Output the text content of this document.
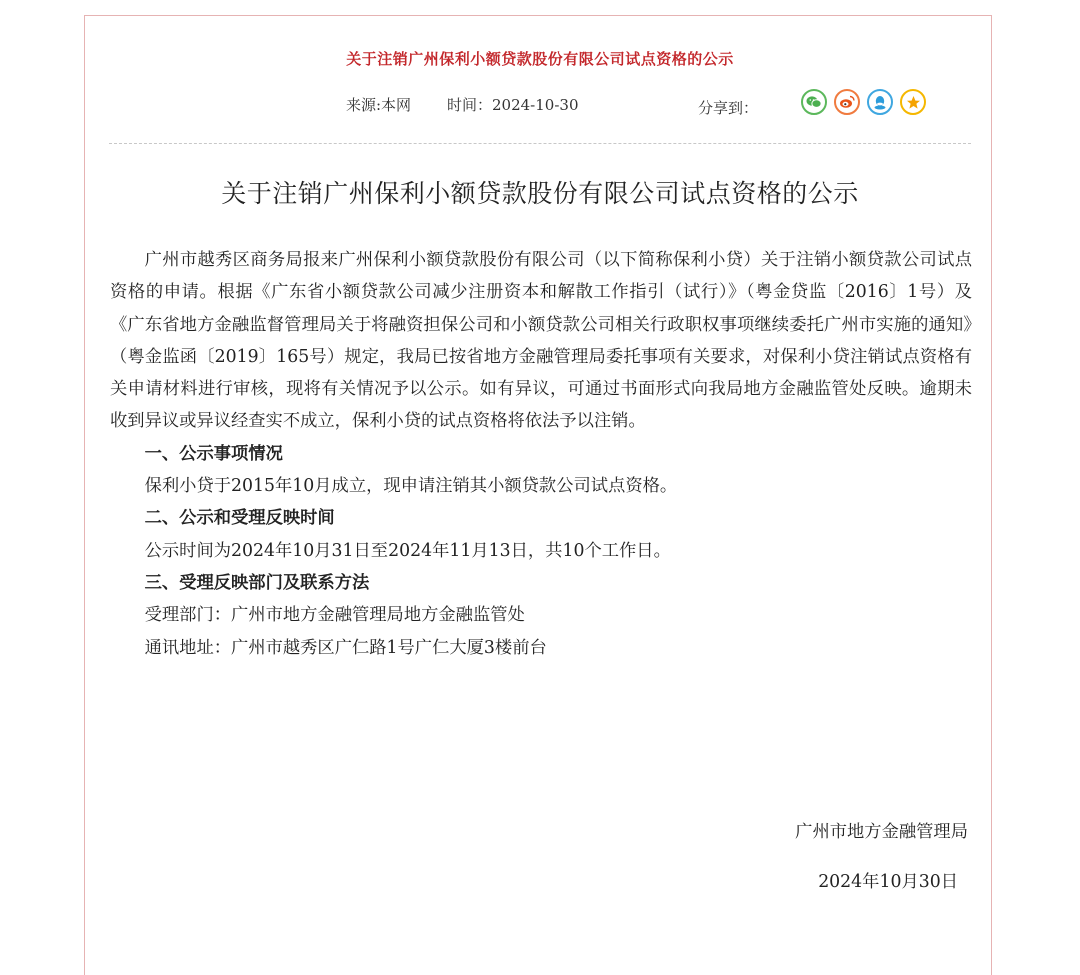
关于注销广州保利小额贷款股份有限公司试点资格的公示
来源:本网 时间：2024-10-30	分享到：
关于注销广州保利小额贷款股份有限公司试点资格的公示

广州市越秀区商务局报来广州保利小额贷款股份有限公司（以下简称保利小贷）关于注销小额贷款公司试点资格的申请。根据《广东省小额贷款公司减少注册资本和解散工作指引（试行）》（粤金贷监〔2016〕1号）及《广东省地方金融监督管理局关于将融资担保公司和小额贷款公司相关行政职权事项继续委托广州市实施的通知》（粤金监函〔2019〕165号）规定，我局已按省地方金融管理局委托事项有关要求，对保利小贷注销试点资格有关申请材料进行审核，现将有关情况予以公示。如有异议，可通过书面形式向我局地方金融监管处反映。逾期未收到异议或异议经查实不成立，保利小贷的试点资格将依法予以注销。

一、公示事项情况

保利小贷于2015年10月成立，现申请注销其小额贷款公司试点资格。

二、公示和受理反映时间

公示时间为2024年10月31日至2024年11月13日，共10个工作日。

三、受理反映部门及联系方法

受理部门：广州市地方金融管理局地方金融监管处

通讯地址：广州市越秀区广仁路1号广仁大厦3楼前台

广州市地方金融管理局
2024年10月30日
